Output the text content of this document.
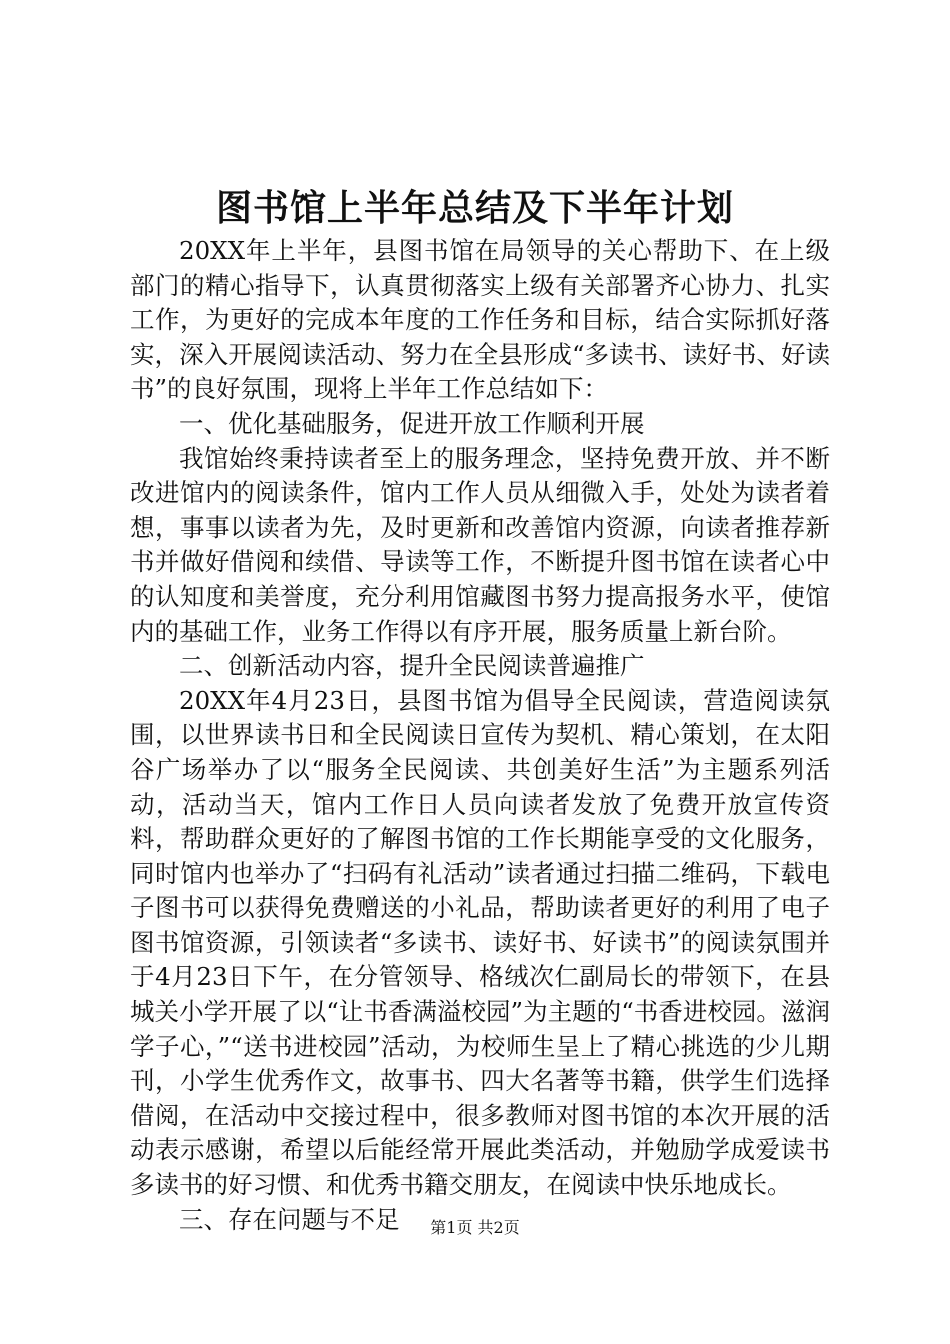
图书馆上半年总结及下半年计划

20XX年上半年，县图书馆在局领导的关心帮助下、在上级部门的精心指导下，认真贯彻落实上级有关部署齐心协力、扎实工作，为更好的完成本年度的工作任务和目标，结合实际抓好落实，深入开展阅读活动、努力在全县形成“多读书、读好书、好读书”的良好氛围，现将上半年工作总结如下：

一、优化基础服务，促进开放工作顺利开展

我馆始终秉持读者至上的服务理念，坚持免费开放、并不断改进馆内的阅读条件，馆内工作人员从细微入手，处处为读者着想，事事以读者为先，及时更新和改善馆内资源，向读者推荐新书并做好借阅和续借、导读等工作，不断提升图书馆在读者心中的认知度和美誉度，充分利用馆藏图书努力提高报务水平，使馆内的基础工作，业务工作得以有序开展，服务质量上新台阶。

二、创新活动内容，提升全民阅读普遍推广

20XX年4月23日，县图书馆为倡导全民阅读，营造阅读氛围，以世界读书日和全民阅读日宣传为契机、精心策划，在太阳谷广场举办了以“服务全民阅读、共创美好生活”为主题系列活动，活动当天，馆内工作日人员向读者发放了免费开放宣传资料，帮助群众更好的了解图书馆的工作长期能享受的文化服务，同时馆内也举办了“扫码有礼活动”读者通过扫描二维码，下载电子图书可以获得免费赠送的小礼品，帮助读者更好的利用了电子图书馆资源，引领读者“多读书、读好书、好读书”的阅读氛围并于4月23日下午，在分管领导、格绒次仁副局长的带领下，在县城关小学开展了以“让书香满溢校园”为主题的“书香进校园。滋润学子心，”“送书进校园”活动，为校师生呈上了精心挑选的少儿期刊，小学生优秀作文，故事书、四大名著等书籍，供学生们选择借阅，在活动中交接过程中，很多教师对图书馆的本次开展的活动表示感谢，希望以后能经常开展此类活动，并勉励学成爱读书多读书的好习惯、和优秀书籍交朋友，在阅读中快乐地成长。

三、存在问题与不足	第1页 共2页
